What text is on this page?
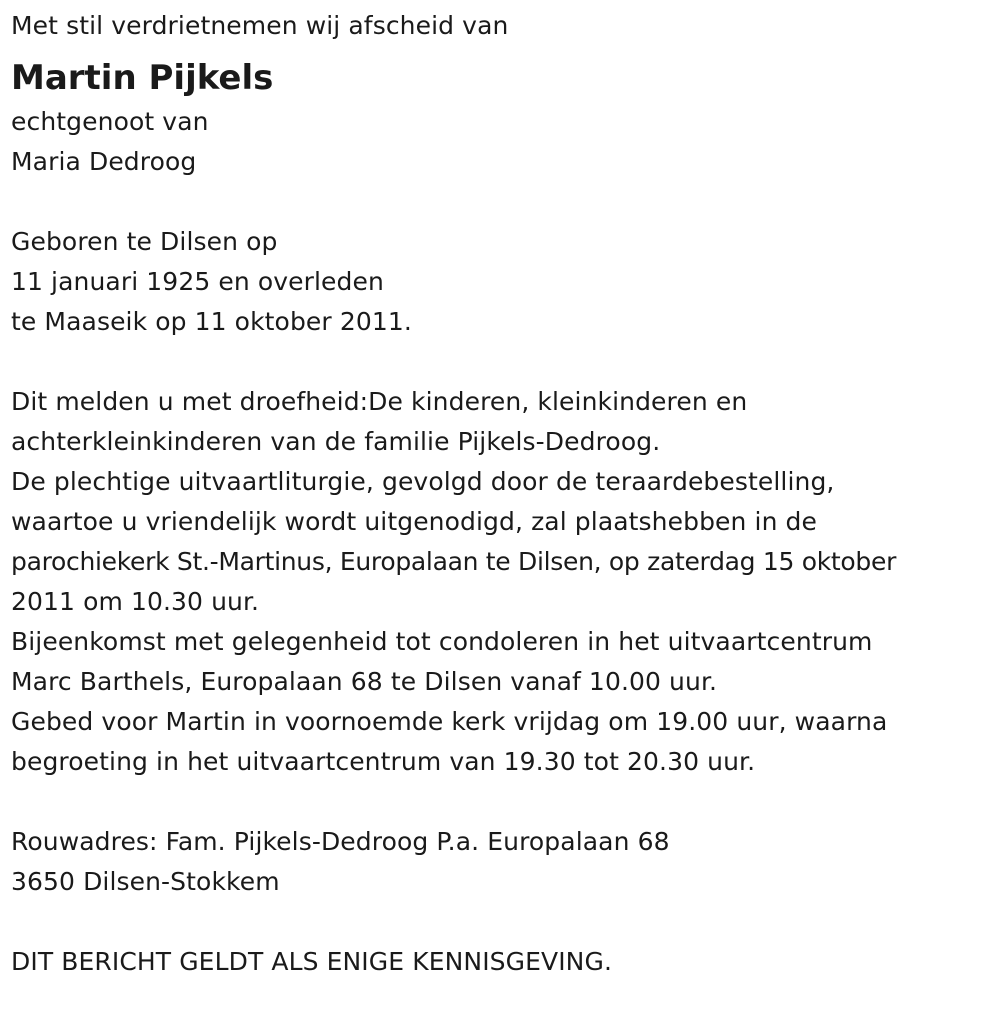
Met stil verdrietnemen wij afscheid van
Martin Pijkels
echtgenoot van
Maria Dedroog
Geboren te Dilsen op
11 januari 1925 en overleden
te Maaseik op 11 oktober 2011.
Dit melden u met droefheid:De kinderen, kleinkinderen en
achterkleinkinderen van de familie Pijkels-Dedroog.
De plechtige uitvaartliturgie, gevolgd door de teraardebestelling,
waartoe u vriendelijk wordt uitgenodigd, zal plaatshebben in de
parochiekerk St.-Martinus, Europalaan te Dilsen, op zaterdag 15 oktober
2011 om 10.30 uur.
Bijeenkomst met gelegenheid tot condoleren in het uitvaartcentrum
Marc Barthels, Europalaan 68 te Dilsen vanaf 10.00 uur.
Gebed voor Martin in voornoemde kerk vrijdag om 19.00 uur, waarna
begroeting in het uitvaartcentrum van 19.30 tot 20.30 uur.
Rouwadres: Fam. Pijkels-Dedroog P.a. Europalaan 68
3650 Dilsen-Stokkem
DIT BERICHT GELDT ALS ENIGE KENNISGEVING.
